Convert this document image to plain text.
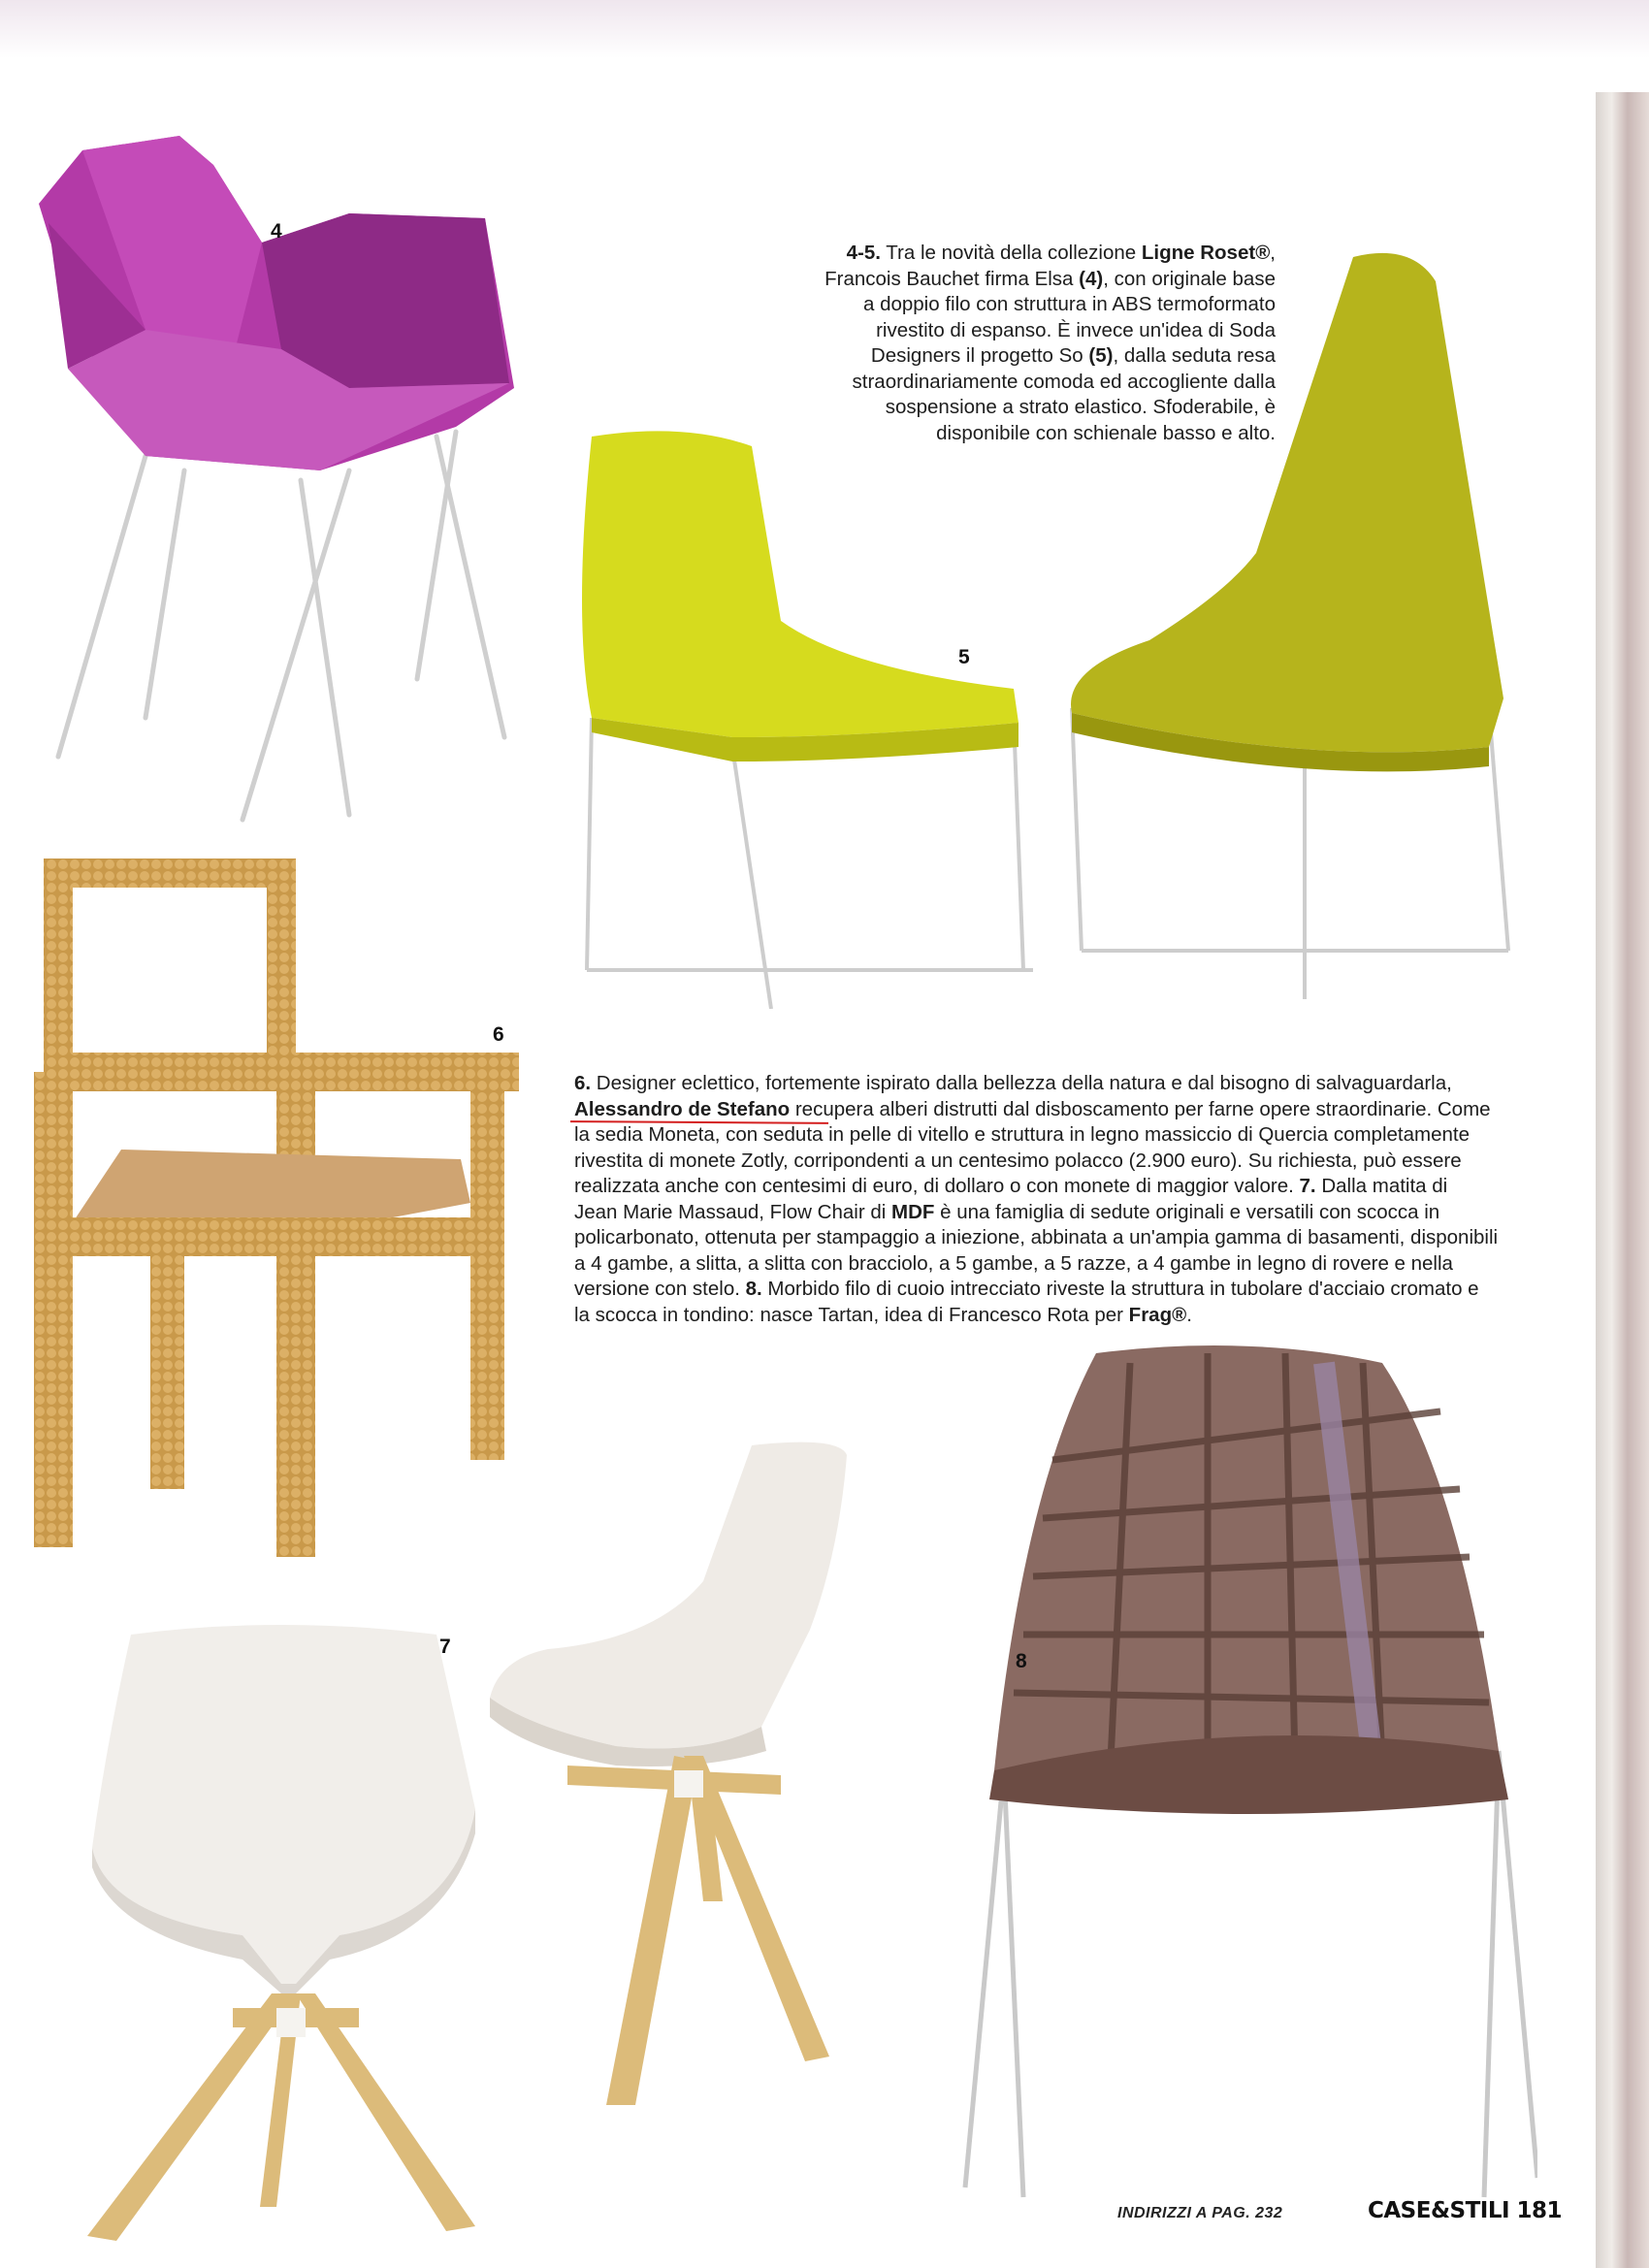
4
5
6
4-5. Tra le novità della collezione Ligne Roset®,
Francois Bauchet firma Elsa (4), con originale base
a doppio filo con struttura in ABS termoformato
rivestito di espanso. È invece un'idea di Soda
Designers il progetto So (5), dalla seduta resa
straordinariamente comoda ed accogliente dalla
sospensione a strato elastico. Sfoderabile, è
disponibile con schienale basso e alto.
6. Designer eclettico, fortemente ispirato dalla bellezza della natura e dal bisogno di salvaguardarla,
Alessandro de Stefano recupera alberi distrutti dal disboscamento per farne opere straordinarie. Come
la sedia Moneta, con seduta in pelle di vitello e struttura in legno massiccio di Quercia completamente
rivestita di monete Zotly, corripondenti a un centesimo polacco (2.900 euro). Su richiesta, può essere
realizzata anche con centesimi di euro, di dollaro o con monete di maggior valore. 7. Dalla matita di
Jean Marie Massaud, Flow Chair di MDF è una famiglia di sedute originali e versatili con scocca in
policarbonato, ottenuta per stampaggio a iniezione, abbinata a un'ampia gamma di basamenti, disponibili
a 4 gambe, a slitta, a slitta con bracciolo, a 5 gambe, a 5 razze, a 4 gambe in legno di rovere e nella
versione con stelo. 8. Morbido filo di cuoio intrecciato riveste la struttura in tubolare d'acciaio cromato e
la scocca in tondino: nasce Tartan, idea di Francesco Rota per Frag®.
7
8
INDIRIZZI A PAG. 232	CASE&STILI 181
